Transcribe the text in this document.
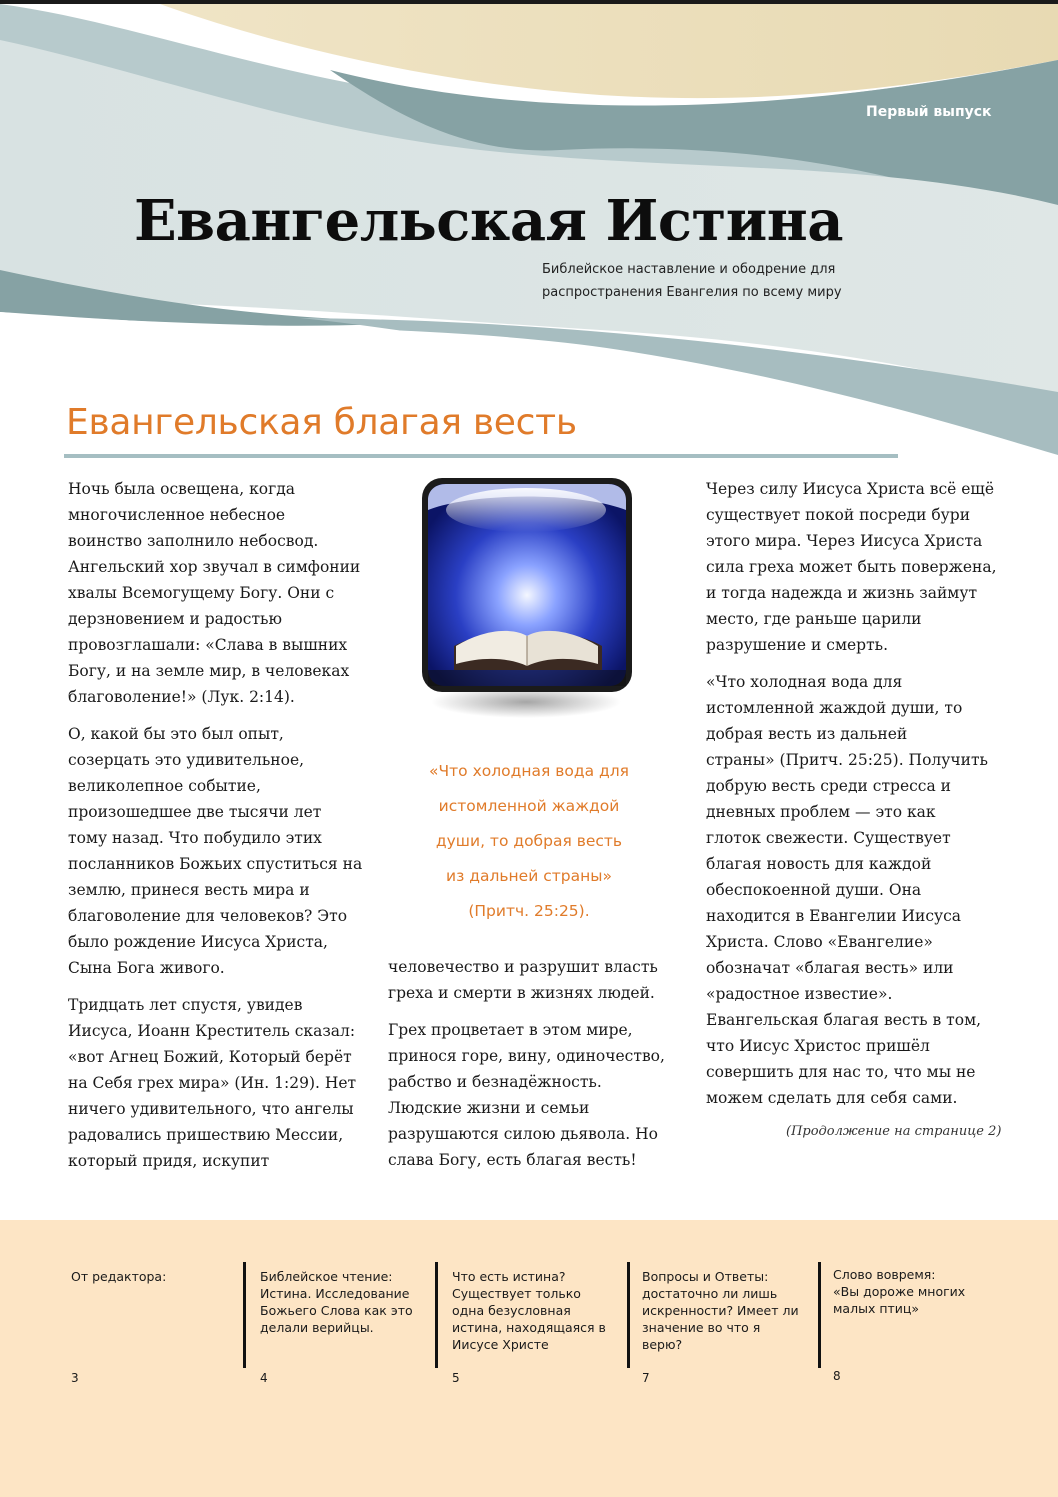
Первый выпуск
Евангельская Истина
Библейское наставление и ободрение для
распространения Евангелия по всему миру
Евангельская благая весть

Ночь была освещена, когда
многочисленное небесное
воинство заполнило небосвод.
Ангельский хор звучал в симфонии
хвалы Всемогущему Богу. Они с
дерзновением и радостью
провозглашали: «Слава в вышних
Богу, и на земле мир, в человеках
благоволение!» (Лук. 2:14).

О, какой бы это был опыт,
созерцать это удивительное,
великолепное событие,
произошедшее две тысячи лет
тому назад. Что побудило этих
посланников Божьих спуститься на
землю, принеся весть мира и
благоволение для человеков? Это
было рождение Иисуса Христа,
Сына Бога живого.

Тридцать лет спустя, увидев
Иисуса, Иоанн Креститель сказал:
«вот Агнец Божий, Который берёт
на Себя грех мира» (Ин. 1:29). Нет
ничего удивительного, что ангелы
радовались пришествию Мессии,
который придя, искупит

«Что холодная вода для
истомленной жаждой
души, то добрая весть
из дальней страны»
(Притч. 25:25).

человечество и разрушит власть
греха и смерти в жизнях людей.

Грех процветает в этом мире,
принося горе, вину, одиночество,
рабство и безнадёжность.
Людские жизни и семьи
разрушаются силою дьявола. Но
слава Богу, есть благая весть!

Через силу Иисуса Христа всё ещё
существует покой посреди бури
этого мира. Через Иисуса Христа
сила греха может быть повержена,
и тогда надежда и жизнь займут
место, где раньше царили
разрушение и смерть.

«Что холодная вода для
истомленной жаждой души, то
добрая весть из дальней
страны» (Притч. 25:25). Получить
добрую весть среди стресса и
дневных проблем — это как
глоток свежести. Существует
благая новость для каждой
обеспокоенной души. Она
находится в Евангелии Иисуса
Христа. Слово «Евангелие»
обозначат «благая весть» или
«радостное известие».
Евангельская благая весть в том,
что Иисус Христос пришёл
совершить для нас то, что мы не
можем сделать для себя сами.

(Продолжение на странице 2)
От редактора:
3
Библейское чтение:
Истина. Исследование
Божьего Слова как это
делали верийцы.
4
Что есть истина?
Существует только
одна безусловная
истина, находящаяся в
Иисусе Христе
5
Вопросы и Ответы:
достаточно ли лишь
искренности? Имеет ли
значение во что я
верю?
7
Слово вовремя:
«Вы дороже многих
малых птиц»
8
